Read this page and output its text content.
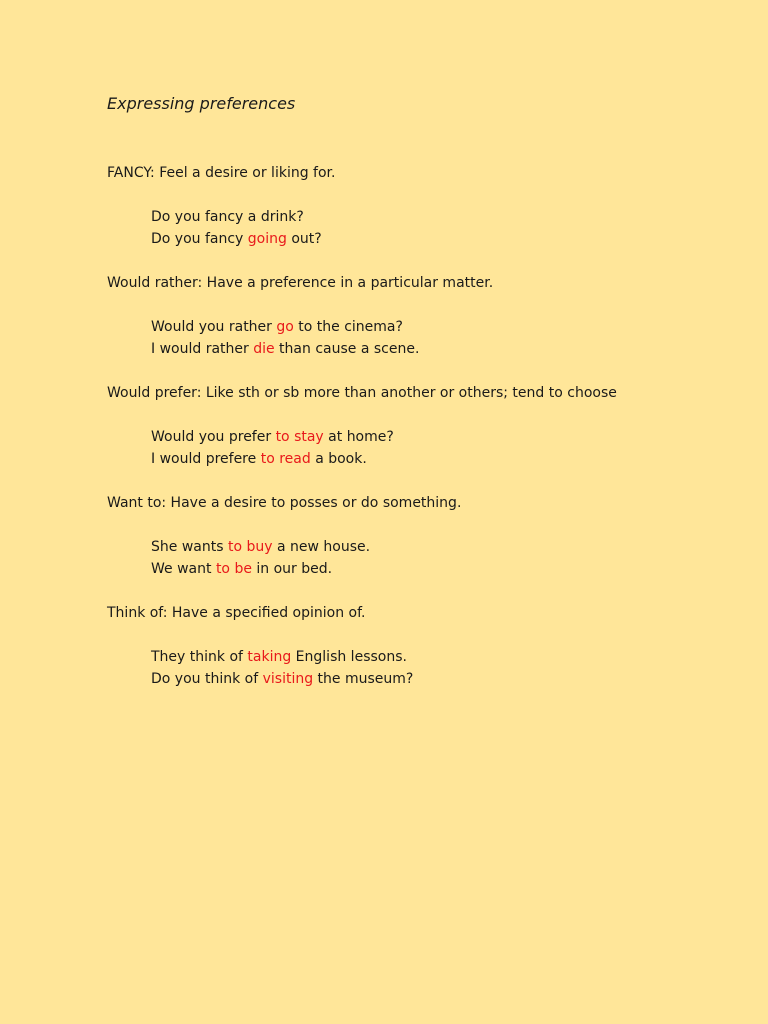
Expressing preferences

FANCY: Feel a desire or liking for.

Do you fancy a drink?

Do you fancy going out?

Would rather: Have a preference in a particular matter.

Would you rather go to the cinema?

I would rather die than cause a scene.

Would prefer: Like sth or sb more than another or others; tend to choose

Would you prefer to stay at home?

I would prefere to read a book.

Want to: Have a desire to posses or do something.

She wants to buy a new house.

We want to be in our bed.

Think of: Have a specified opinion of.

They think of taking English lessons.

Do you think of visiting the museum?
